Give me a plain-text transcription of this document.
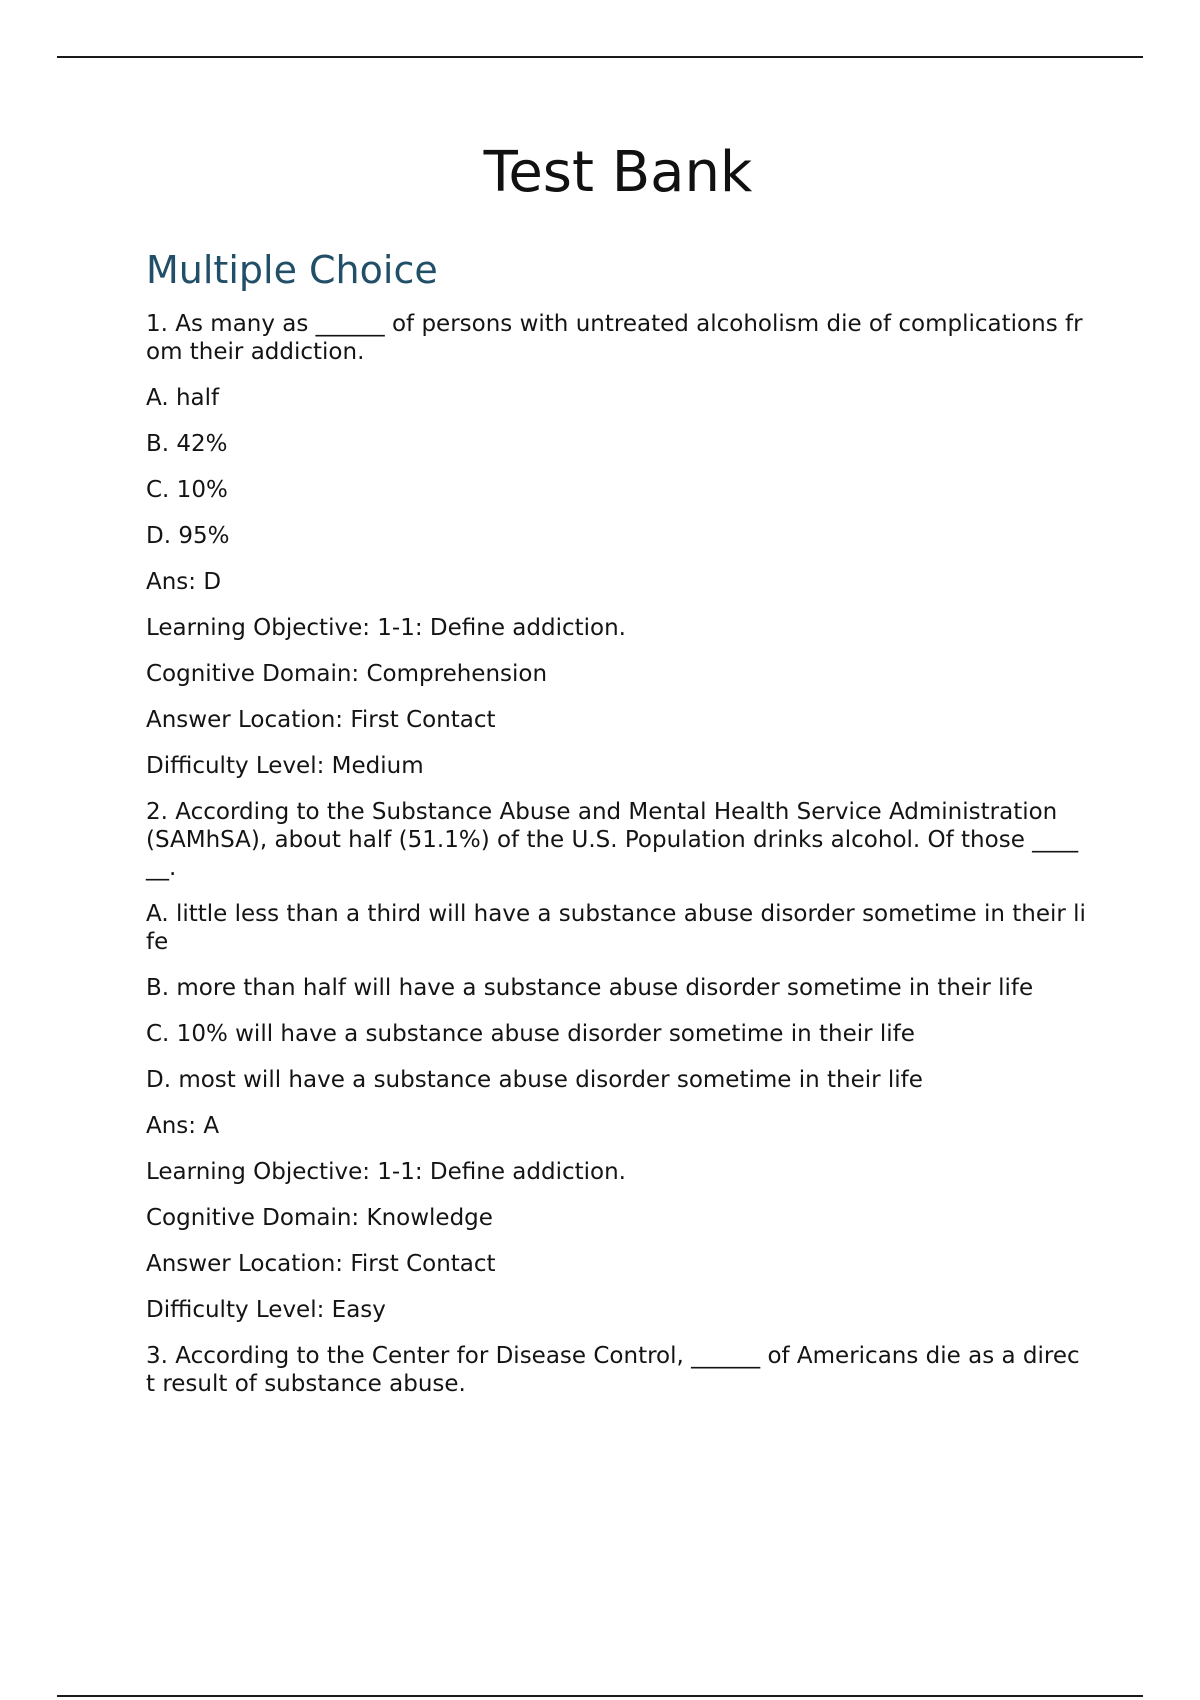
Test Bank
Multiple Choice

1. As many as ______ of persons with untreated alcoholism die of complications from their addiction.

A. half

B. 42%

C. 10%

D. 95%

Ans: D

Learning Objective: 1-1: Define addiction.

Cognitive Domain: Comprehension

Answer Location: First Contact

Difficulty Level: Medium

2. According to the Substance Abuse and Mental Health Service Administration (SAMhSA), about half (51.1%) of the U.S. Population drinks alcohol. Of those ______.

A. little less than a third will have a substance abuse disorder sometime in their life

B. more than half will have a substance abuse disorder sometime in their life

C. 10% will have a substance abuse disorder sometime in their life

D. most will have a substance abuse disorder sometime in their life

Ans: A

Learning Objective: 1-1: Define addiction.

Cognitive Domain: Knowledge

Answer Location: First Contact

Difficulty Level: Easy

3. According to the Center for Disease Control, ______ of Americans die as a direct result of substance abuse.
